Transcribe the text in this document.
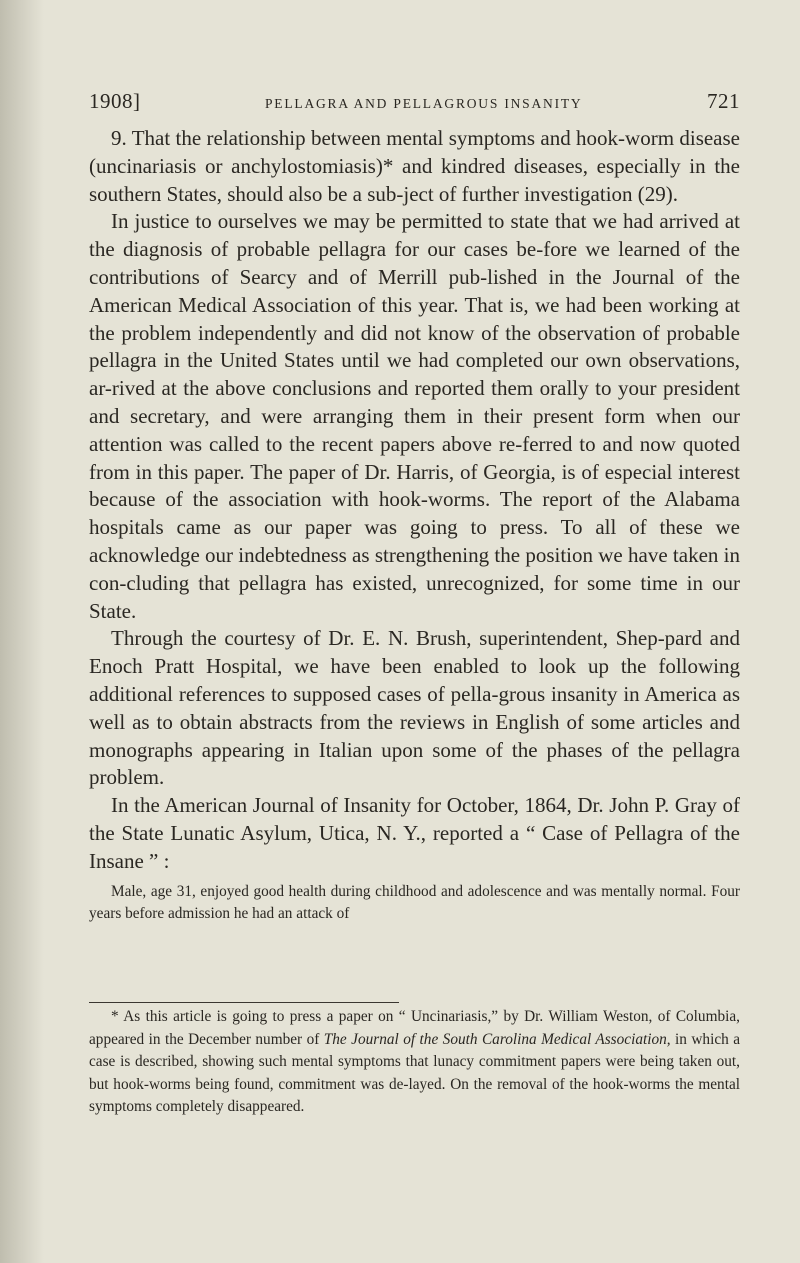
1908]	PELLAGRA AND PELLAGROUS INSANITY	721

9. That the relationship between mental symptoms and hook-worm disease (uncinariasis or anchylostomiasis)* and kindred diseases, especially in the southern States, should also be a sub-ject of further investigation (29).

In justice to ourselves we may be permitted to state that we had arrived at the diagnosis of probable pellagra for our cases be-fore we learned of the contributions of Searcy and of Merrill pub-lished in the Journal of the American Medical Association of this year. That is, we had been working at the problem independently and did not know of the observation of probable pellagra in the United States until we had completed our own observations, ar-rived at the above conclusions and reported them orally to your president and secretary, and were arranging them in their present form when our attention was called to the recent papers above re-ferred to and now quoted from in this paper. The paper of Dr. Harris, of Georgia, is of especial interest because of the association with hook-worms. The report of the Alabama hospitals came as our paper was going to press. To all of these we acknowledge our indebtedness as strengthening the position we have taken in con-cluding that pellagra has existed, unrecognized, for some time in our State.

Through the courtesy of Dr. E. N. Brush, superintendent, Shep-pard and Enoch Pratt Hospital, we have been enabled to look up the following additional references to supposed cases of pella-grous insanity in America as well as to obtain abstracts from the reviews in English of some articles and monographs appearing in Italian upon some of the phases of the pellagra problem.

In the American Journal of Insanity for October, 1864, Dr. John P. Gray of the State Lunatic Asylum, Utica, N. Y., reported a “ Case of Pellagra of the Insane ” :

Male, age 31, enjoyed good health during childhood and adolescence and was mentally normal. Four years before admission he had an attack of

* As this article is going to press a paper on “ Uncinariasis,” by Dr. William Weston, of Columbia, appeared in the December number of The Journal of the South Carolina Medical Association, in which a case is described, showing such mental symptoms that lunacy commitment papers were being taken out, but hook-worms being found, commitment was de-layed. On the removal of the hook-worms the mental symptoms completely disappeared.
